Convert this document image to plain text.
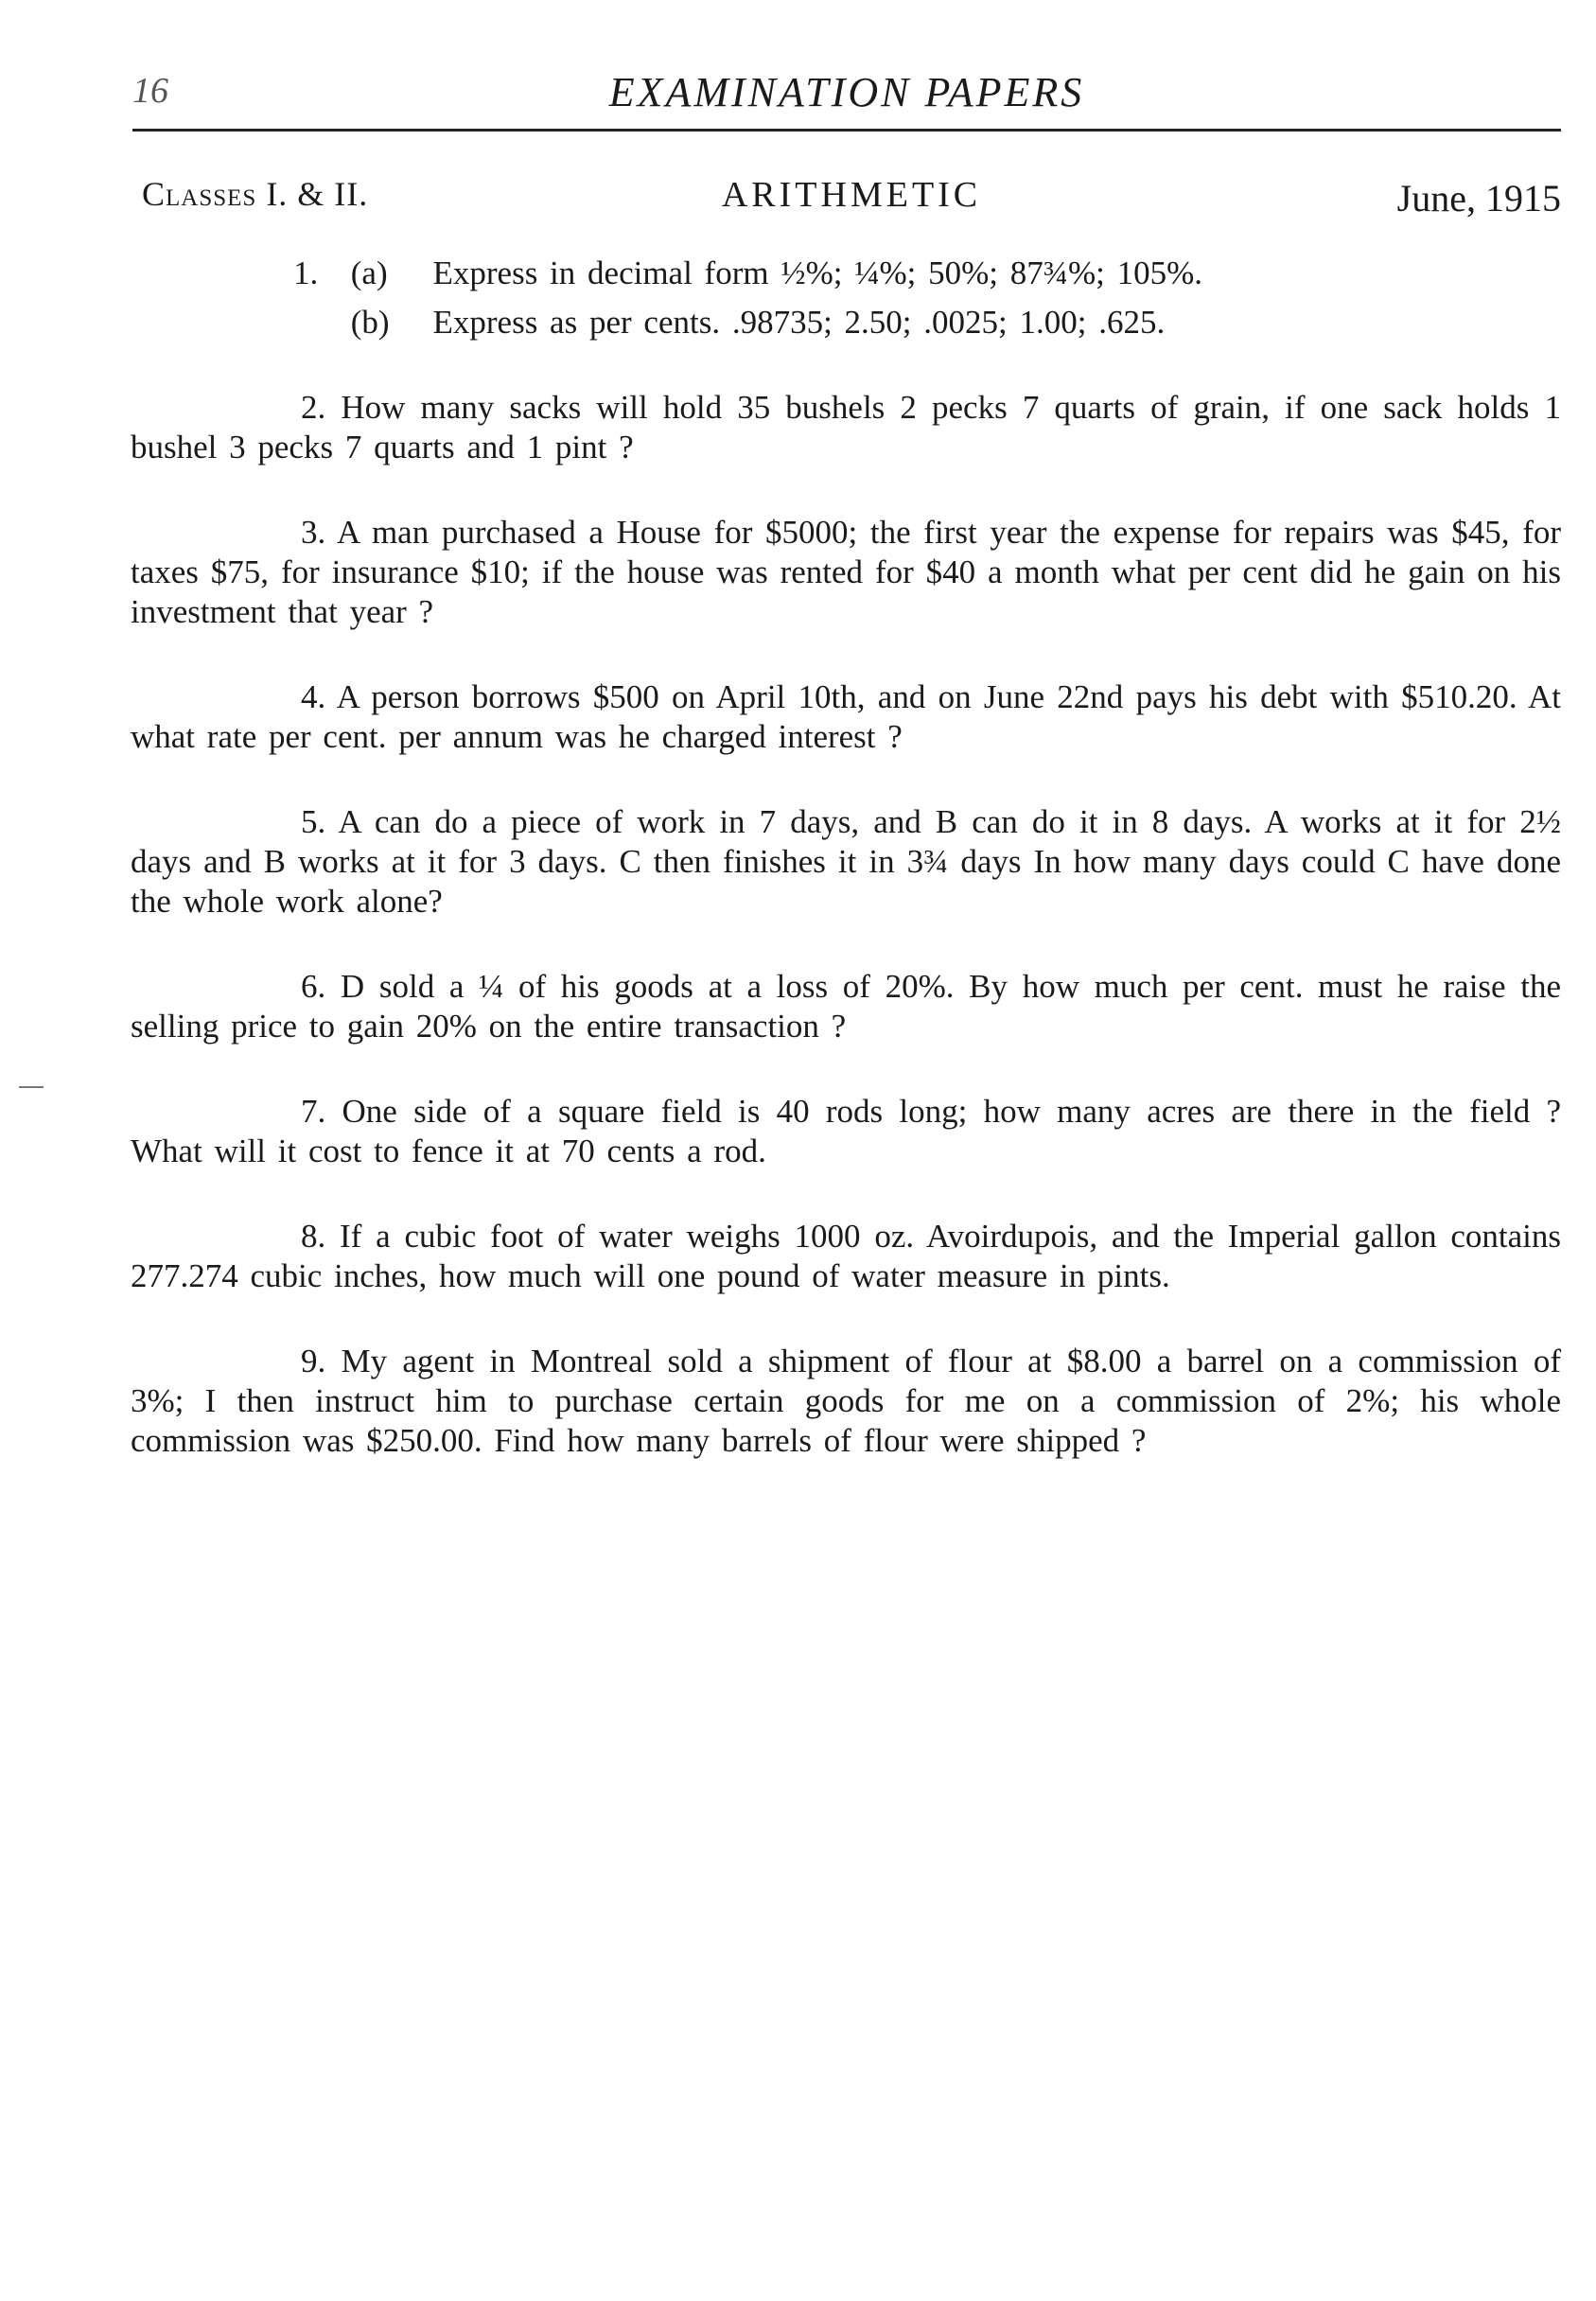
16	EXAMINATION PAPERS
Classes I. & II.	ARITHMETIC	June, 1915

1. (a) Express in decimal form ½%; ¼%; 50%; 87¾%; 105%.

(b) Express as per cents. .98735; 2.50; .0025; 1.00; .625.

2. How many sacks will hold 35 bushels 2 pecks 7 quarts of grain, if one sack holds 1 bushel 3 pecks 7 quarts and 1 pint ?

3. A man purchased a House for $5000; the first year the expense for repairs was $45, for taxes $75, for insurance $10; if the house was rented for $40 a month what per cent did he gain on his investment that year ?

4. A person borrows $500 on April 10th, and on June 22nd pays his debt with $510.20. At what rate per cent. per annum was he charged interest ?

5. A can do a piece of work in 7 days, and B can do it in 8 days. A works at it for 2½ days and B works at it for 3 days. C then finishes it in 3¾ days In how many days could C have done the whole work alone?

6. D sold a ¼ of his goods at a loss of 20%. By how much per cent. must he raise the selling price to gain 20% on the entire transaction ?

7. One side of a square field is 40 rods long; how many acres are there in the field ? What will it cost to fence it at 70 cents a rod.

8. If a cubic foot of water weighs 1000 oz. Avoirdupois, and the Imperial gallon contains 277.274 cubic inches, how much will one pound of water measure in pints.

9. My agent in Montreal sold a shipment of flour at $8.00 a barrel on a commission of 3%; I then instruct him to purchase certain goods for me on a commission of 2%; his whole commission was $250.00. Find how many barrels of flour were shipped ?
